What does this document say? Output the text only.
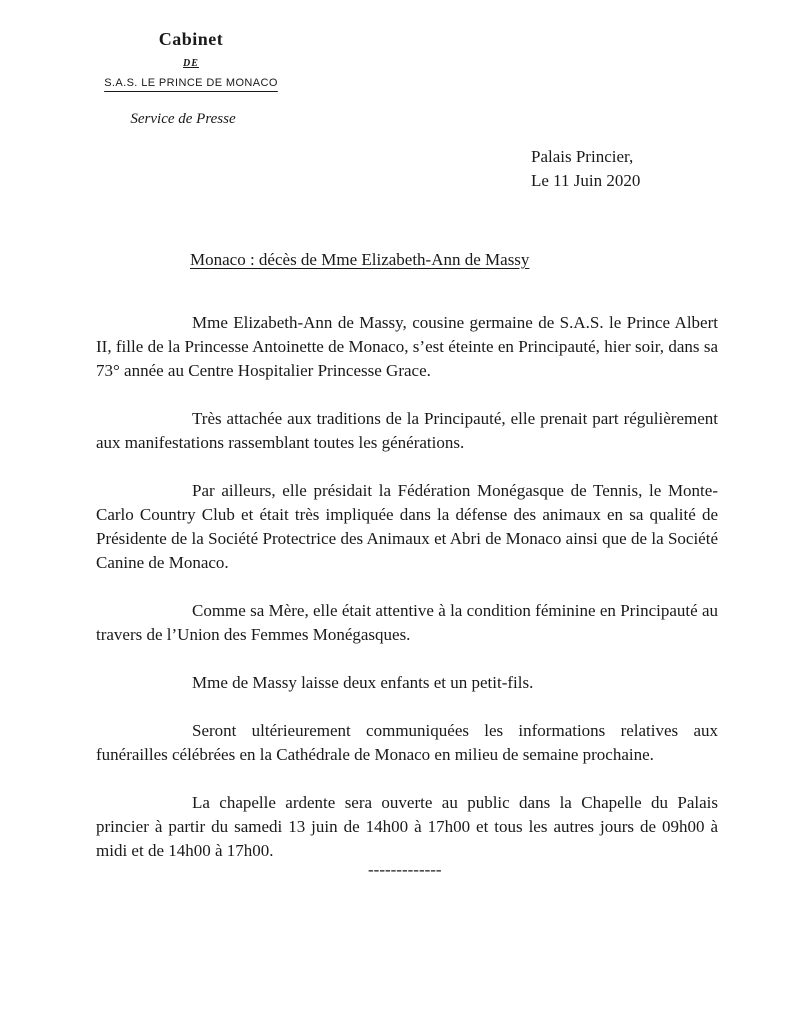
Cabinet
DE
S.A.S. LE PRINCE DE MONACO
Service de Presse
Palais Princier,
Le 11 Juin 2020
Monaco : décès de Mme Elizabeth-Ann de Massy

Mme Elizabeth-Ann de Massy, cousine germaine de S.A.S. le Prince Albert II, fille de la Princesse Antoinette de Monaco, s’est éteinte en Principauté, hier soir, dans sa 73° année au Centre Hospitalier Princesse Grace.

Très attachée aux traditions de la Principauté, elle prenait part régulièrement aux manifestations rassemblant toutes les générations.

Par ailleurs, elle présidait la Fédération Monégasque de Tennis, le Monte-Carlo Country Club et était très impliquée dans la défense des animaux en sa qualité de Présidente de la Société Protectrice des Animaux et Abri de Monaco ainsi que de la Société Canine de Monaco.

Comme sa Mère, elle était attentive à la condition féminine en Principauté au travers de l’Union des Femmes Monégasques.

Mme de Massy laisse deux enfants et un petit-fils.

Seront ultérieurement communiquées les informations relatives aux funérailles célébrées en la Cathédrale de Monaco en milieu de semaine prochaine.

La chapelle ardente sera ouverte au public dans la Chapelle du Palais princier à partir du samedi 13 juin de 14h00 à 17h00 et tous les autres jours de 09h00 à midi et de 14h00 à 17h00.

-------------
